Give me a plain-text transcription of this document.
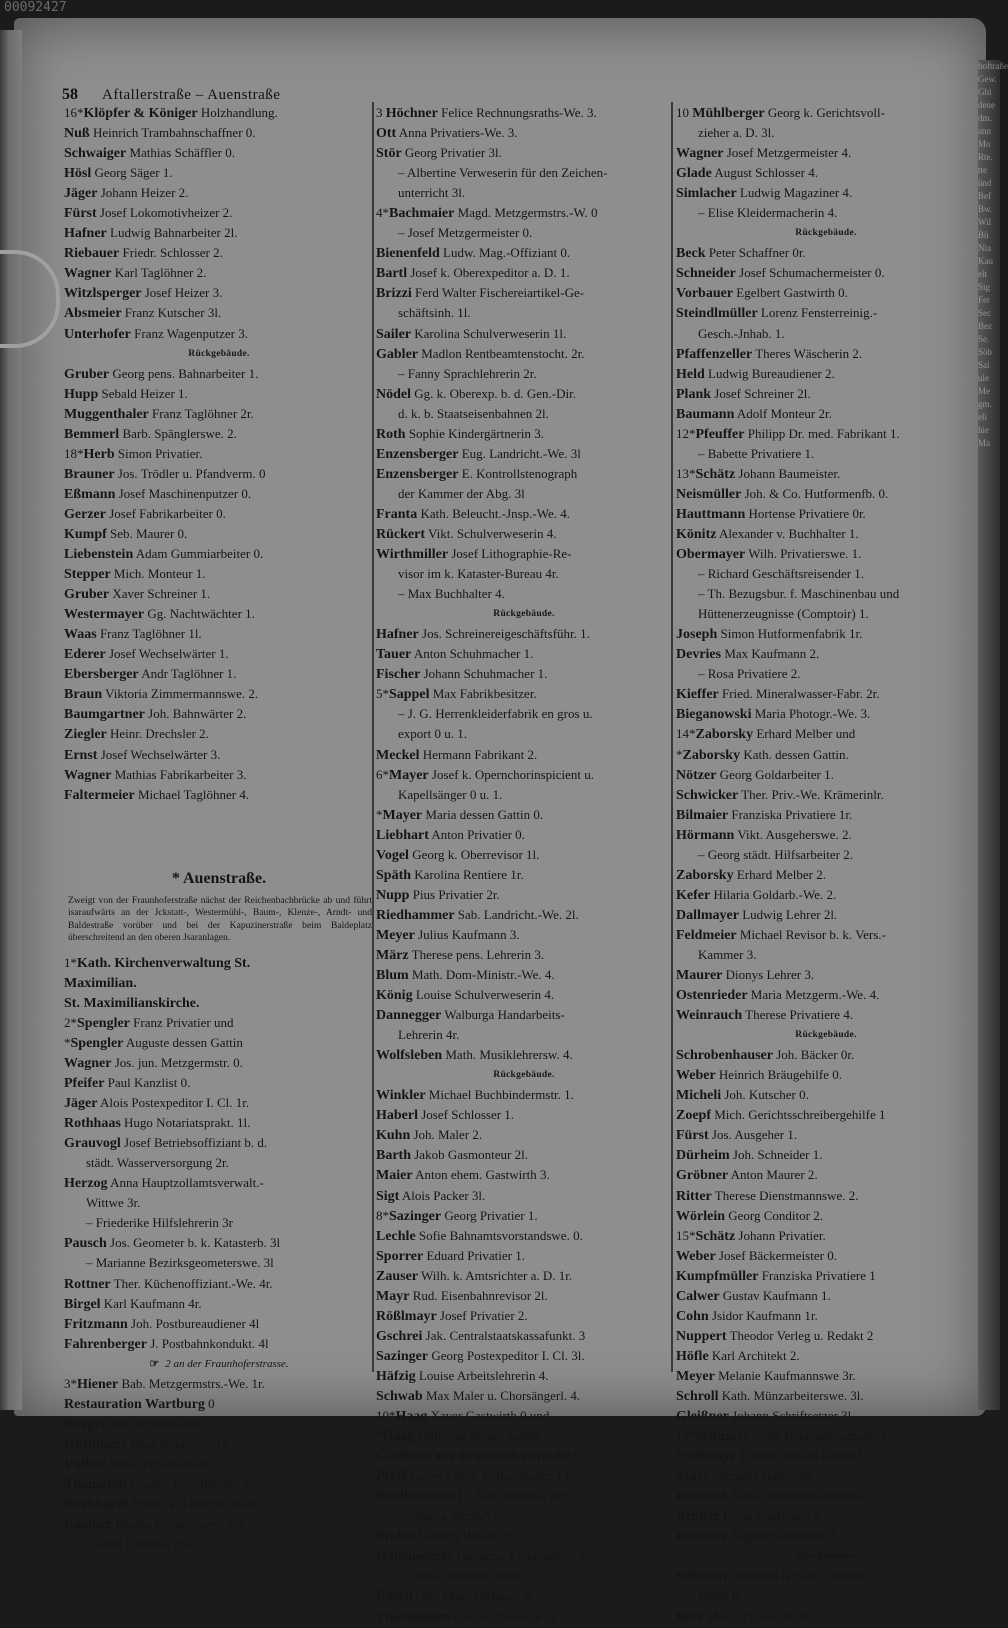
00092427
hoftraße
Gew.
Ghi
dene
dm.
ann
Mo
Rte.
tte
ünd
Bef
Bw.
Wil
Bü
Nia
Kau
elt
Sig
Fet
Sec
Bez
Se.
Söb
Sal
ule
Me
gm.
eli
hie
Ma
58 Aftallerstraße – Auenstraße
16*Klöpfer & Königer Holzhandlung.
Nuß Heinrich Trambahnschaffner 0.
Schwaiger Mathias Schäffler 0.
Hösl Georg Säger 1.
Jäger Johann Heizer 2.
Fürst Josef Lokomotivheizer 2.
Hafner Ludwig Bahnarbeiter 2l.
Riebauer Friedr. Schlosser 2.
Wagner Karl Taglöhner 2.
Witzlsperger Josef Heizer 3.
Absmeier Franz Kutscher 3l.
Unterhofer Franz Wagenputzer 3.
Rückgebäude.
Gruber Georg pens. Bahnarbeiter 1.
Hupp Sebald Heizer 1.
Muggenthaler Franz Taglöhner 2r.
Bemmerl Barb. Spänglerswe. 2.
18*Herb Simon Privatier.
Brauner Jos. Trödler u. Pfandverm. 0
Eßmann Josef Maschinenputzer 0.
Gerzer Josef Fabrikarbeiter 0.
Kumpf Seb. Maurer 0.
Liebenstein Adam Gummiarbeiter 0.
Stepper Mich. Monteur 1.
Gruber Xaver Schreiner 1.
Westermayer Gg. Nachtwächter 1.
Waas Franz Taglöhner 1l.
Ederer Josef Wechselwärter 1.
Ebersberger Andr Taglöhner 1.
Braun Viktoria Zimmermannswe. 2.
Baumgartner Joh. Bahnwärter 2.
Ziegler Heinr. Drechsler 2.
Ernst Josef Wechselwärter 3.
Wagner Mathias Fabrikarbeiter 3.
Faltermeier Michael Taglöhner 4.
* Auenstraße.
Zweigt von der Fraunhoferstraße nächst der Reichenbachbrücke ab und führt isaraufwärts an der Jckstatt-, Westermühl-, Baum-, Klenze-, Arndt- und Baldestraße vorüber und bei der Kapuzinerstraße beim Baldeplatz überschreitend an den oberen Jsaranlagen.
1*Kath. Kirchenverwaltung St.
Maximilian.
St. Maximilianskirche.
2*Spengler Franz Privatier und
*Spengler Auguste dessen Gattin
Wagner Jos. jun. Metzgermstr. 0.
Pfeifer Paul Kanzlist 0.
Jäger Alois Postexpeditor I. Cl. 1r.
Rothhaas Hugo Notariatsprakt. 1l.
Grauvogl Josef Betriebsoffiziant b. d.
städt. Wasserversorgung 2r.
Herzog Anna Hauptzollamtsverwalt.-
Wittwe 3r.
– Friederike Hilfslehrerin 3r
Pausch Jos. Geometer b. k. Katasterb. 3l
– Marianne Bezirksgeometerswe. 3l
Rottner Ther. Küchenoffiziant.-We. 4r.
Birgel Karl Kaufmann 4r.
Fritzmann Joh. Postbureaudiener 4l
Fahrenberger J. Postbahnkondukt. 4l
☞ 2 an der Fraunhoferstrasse.
3*Hiener Bab. Metzgermstrs.-We. 1r.
Restauration Wartburg 0
Burger Joh. Schankwirth 0.
Hüttlinger Rosa Notarswe. 1r.
Völker Maria Privatierswe. 2.
Thomaßin Charles Schriftsteller 2.
Burkhardt Friedr. k. Landger.-Rath 2l
Köstner Rosina Privatierswe. 2m.
– Josef Commis 2m.
3 Höchner Felice Rechnungsraths-We. 3.
Ott Anna Privatiers-We. 3.
Stör Georg Privatier 3l.
– Albertine Verweserin für den Zeichen-
unterricht 3l.
4*Bachmaier Magd. Metzgermstrs.-W. 0
– Josef Metzgermeister 0.
Bienenfeld Ludw. Mag.-Offiziant 0.
Bartl Josef k. Oberexpeditor a. D. 1.
Brizzi Ferd Walter Fischereiartikel-Ge-
schäftsinh. 1l.
Sailer Karolina Schulverweserin 1l.
Gabler Madlon Rentbeamtenstocht. 2r.
– Fanny Sprachlehrerin 2r.
Nödel Gg. k. Oberexp. b. d. Gen.-Dir.
d. k. b. Staatseisenbahnen 2l.
Roth Sophie Kindergärtnerin 3.
Enzensberger Eug. Landricht.-We. 3l
Enzensberger E. Kontrollstenograph
der Kammer der Abg. 3l
Franta Kath. Beleucht.-Jnsp.-We. 4.
Rückert Vikt. Schulverweserin 4.
Wirthmiller Josef Lithographie-Re-
visor im k. Kataster-Bureau 4r.
– Max Buchhalter 4.
Rückgebäude.
Hafner Jos. Schreinereigeschäftsführ. 1.
Tauer Anton Schuhmacher 1.
Fischer Johann Schuhmacher 1.
5*Sappel Max Fabrikbesitzer.
– J. G. Herrenkleiderfabrik en gros u.
export 0 u. 1.
Meckel Hermann Fabrikant 2.
6*Mayer Josef k. Opernchorinspicient u.
Kapellsänger 0 u. 1.
*Mayer Maria dessen Gattin 0.
Liebhart Anton Privatier 0.
Vogel Georg k. Oberrevisor 1l.
Späth Karolina Rentiere 1r.
Nupp Pius Privatier 2r.
Riedhammer Sab. Landricht.-We. 2l.
Meyer Julius Kaufmann 3.
März Therese pens. Lehrerin 3.
Blum Math. Dom-Ministr.-We. 4.
König Louise Schulverweserin 4.
Dannegger Walburga Handarbeits-
Lehrerin 4r.
Wolfsleben Math. Musiklehrersw. 4.
Rückgebäude.
Winkler Michael Buchbindermstr. 1.
Haberl Josef Schlosser 1.
Kuhn Joh. Maler 2.
Barth Jakob Gasmonteur 2l.
Maier Anton ehem. Gastwirth 3.
Sigt Alois Packer 3l.
8*Sazinger Georg Privatier 1.
Lechle Sofie Bahnamtsvorstandswe. 0.
Sporrer Eduard Privatier 1.
Zauser Wilh. k. Amtsrichter a. D. 1r.
Mayr Rud. Eisenbahnrevisor 2l.
Rößlmayr Josef Privatier 2.
Gschrei Jak. Centralstaatskassafunkt. 3
Sazinger Georg Postexpeditor I. Cl. 3l.
Häfzig Louise Arbeitslehrerin 4.
Schwab Max Maler u. Chorsängerl. 4.
10*Haag Xaver Gastwirth 0 und
*Haag Walburga dessen Gattin 0.
Gasthaus zur Fraunhoferbrücke 0
Proff Ludw. Frh. v. k. Buchhalter 1 r.
Riedhammer Fr. Xav. Vertreter der
„Viktoria-Werke“ 2r.
Probst Ludwig Heizer 2r.
Hohenwieser Gg. pens. Ländmeister 2.
– Louise Damenschneid. 2.
Rösch Otto Mag.-Offiziant 3.
Thoenneßen Emilie Privatiere 3r.
10 Mühlberger Georg k. Gerichtsvoll-
zieher a. D. 3l.
Wagner Josef Metzgermeister 4.
Glade August Schlosser 4.
Simlacher Ludwig Magaziner 4.
– Elise Kleidermacherin 4.
Rückgebäude.
Beck Peter Schaffner 0r.
Schneider Josef Schumachermeister 0.
Vorbauer Egelbert Gastwirth 0.
Steindlmüller Lorenz Fensterreinig.-
Gesch.-Jnhab. 1.
Pfaffenzeller Theres Wäscherin 2.
Held Ludwig Bureaudiener 2.
Plank Josef Schreiner 2l.
Baumann Adolf Monteur 2r.
12*Pfeuffer Philipp Dr. med. Fabrikant 1.
– Babette Privatiere 1.
13*Schätz Johann Baumeister.
Neismüller Joh. & Co. Hutformenfb. 0.
Hauttmann Hortense Privatiere 0r.
Könitz Alexander v. Buchhalter 1.
Obermayer Wilh. Privatierswe. 1.
– Richard Geschäftsreisender 1.
– Th. Bezugsbur. f. Maschinenbau und
Hüttenerzeugnisse (Comptoir) 1.
Joseph Simon Hutformenfabrik 1r.
Devries Max Kaufmann 2.
– Rosa Privatiere 2.
Kieffer Fried. Mineralwasser-Fabr. 2r.
Bieganowski Maria Photogr.-We. 3.
14*Zaborsky Erhard Melber und
*Zaborsky Kath. dessen Gattin.
Nötzer Georg Goldarbeiter 1.
Schwicker Ther. Priv.-We. Krämerinlr.
Bilmaier Franziska Privatiere 1r.
Hörmann Vikt. Ausgeherswe. 2.
– Georg städt. Hilfsarbeiter 2.
Zaborsky Erhard Melber 2.
Kefer Hilaria Goldarb.-We. 2.
Dallmayer Ludwig Lehrer 2l.
Feldmeier Michael Revisor b. k. Vers.-
Kammer 3.
Maurer Dionys Lehrer 3.
Ostenrieder Maria Metzgerm.-We. 4.
Weinrauch Therese Privatiere 4.
Rückgebäude.
Schrobenhauser Joh. Bäcker 0r.
Weber Heinrich Bräugehilfe 0.
Micheli Joh. Kutscher 0.
Zoepf Mich. Gerichtsschreibergehilfe 1
Fürst Jos. Ausgeher 1.
Dürheim Joh. Schneider 1.
Gröbner Anton Maurer 2.
Ritter Therese Dienstmannswe. 2.
Wörlein Georg Conditor 2.
15*Schätz Johann Privatier.
Weber Josef Bäckermeister 0.
Kumpfmüller Franziska Privatiere 1
Calwer Gustav Kaufmann 1.
Cohn Jsidor Kaufmann 1r.
Nuppert Theodor Verleg u. Redakt 2
Höfle Karl Architekt 2.
Meyer Melanie Kaufmannswe 3r.
Schroll Kath. Münzarbeiterswe. 3l.
Gleißner Johann Schriftsetzer 3l.
16*Sellmayr Wilh. Dekorationsmaler 1
*Sellmayr Therese dessen Gattin 1.
Mayr Clemens Gastwirth 0.
Rummel Anna Theatermusikerswe. 0.
Beidler Franz Kaufmann 4.
Buchner August Kaufmann 4.
Rückgebäude.
Sellmayr Wilhelm & Sohn Dekorat.
Maler 0.
Beer Mich. Zimmermann 2.
